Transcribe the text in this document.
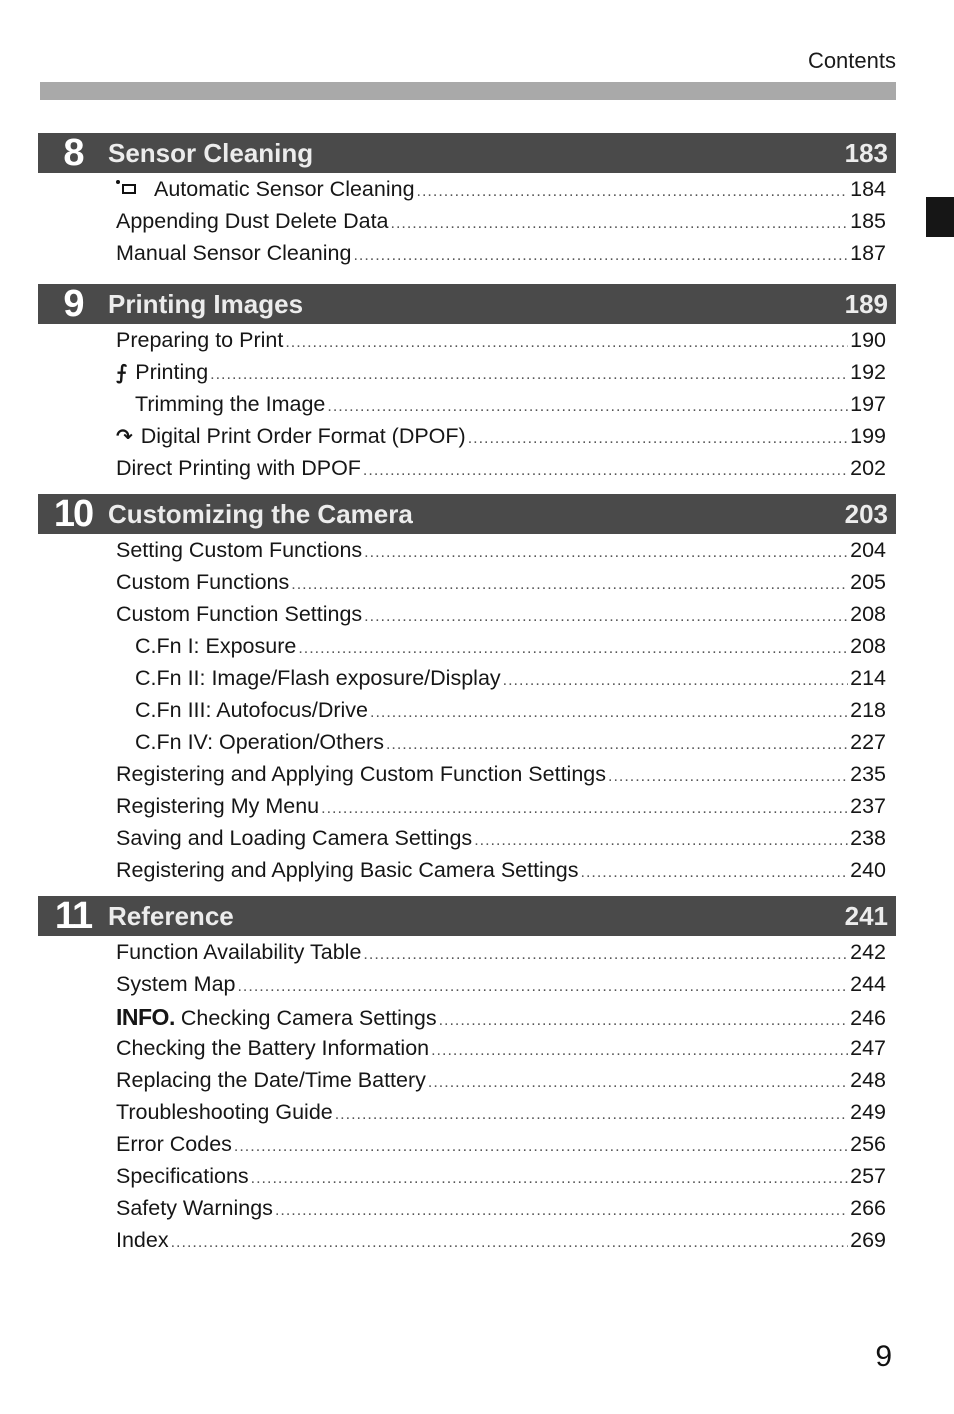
Contents
8 Sensor Cleaning	183
Automatic Sensor Cleaning .....	184
Appending Dust Delete Data .....	185
Manual Sensor Cleaning .....	187
9 Printing Images	189
Preparing to Print .....	190
⨍ Printing .....	192
Trimming the Image .....	197
↷ Digital Print Order Format (DPOF) .....	199
Direct Printing with DPOF .....	202
10 Customizing the Camera	203
Setting Custom Functions .....	204
Custom Functions .....	205
Custom Function Settings .....	208
C.Fn I: Exposure .....	208
C.Fn II: Image/Flash exposure/Display .....	214
C.Fn III: Autofocus/Drive .....	218
C.Fn IV: Operation/Others .....	227
Registering and Applying Custom Function Settings .....	235
Registering My Menu .....	237
Saving and Loading Camera Settings .....	238
Registering and Applying Basic Camera Settings .....	240
11 Reference	241
Function Availability Table .....	242
System Map .....	244
INFO. Checking Camera Settings .....	246
Checking the Battery Information .....	247
Replacing the Date/Time Battery .....	248
Troubleshooting Guide .....	249
Error Codes .....	256
Specifications .....	257
Safety Warnings .....	266
Index .....	269
9
